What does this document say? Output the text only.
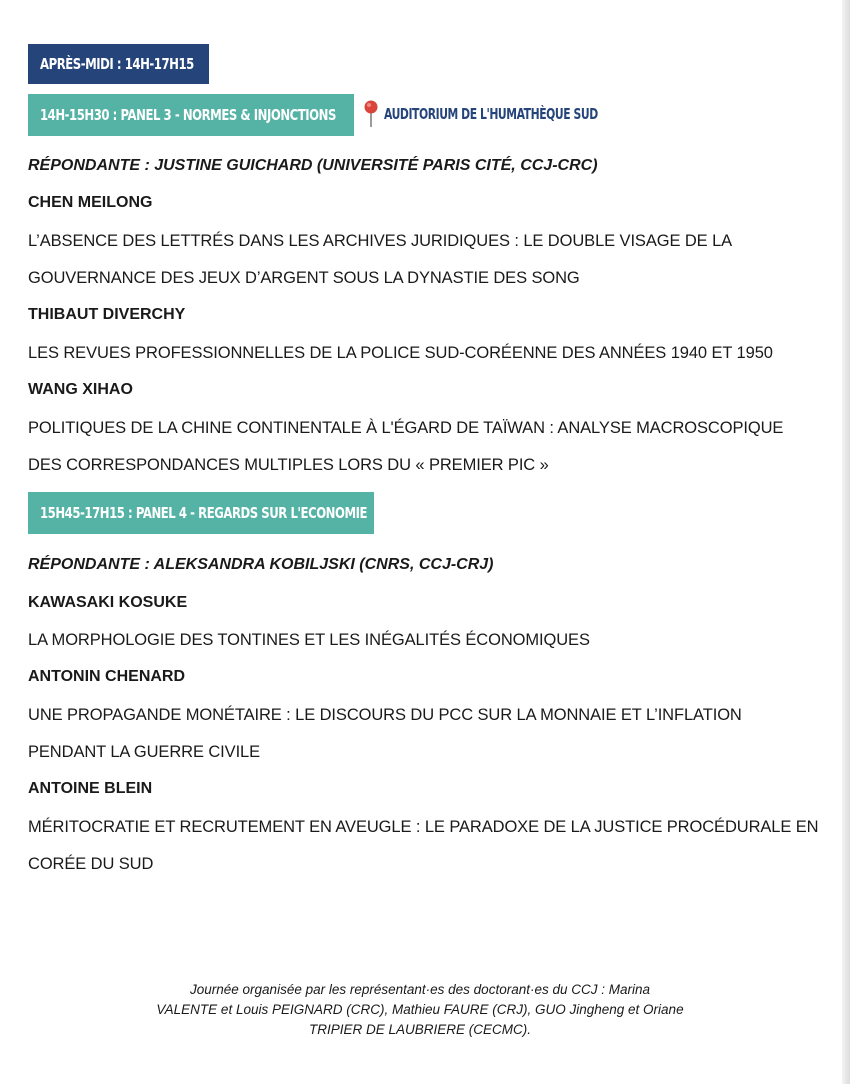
APRÈS-MIDI : 14H-17H15
14H-15H30 : PANEL 3 - NORMES & INJONCTIONS	AUDITORIUM DE L'HUMATHÈQUE SUD
RÉPONDANTE : JUSTINE GUICHARD (UNIVERSITÉ PARIS CITÉ, CCJ-CRC)
CHEN MEILONG
L’ABSENCE DES LETTRÉS DANS LES ARCHIVES JURIDIQUES : LE DOUBLE VISAGE DE LA
GOUVERNANCE DES JEUX D’ARGENT SOUS LA DYNASTIE DES SONG
THIBAUT DIVERCHY
LES REVUES PROFESSIONNELLES DE LA POLICE SUD-CORÉENNE DES ANNÉES 1940 ET 1950
WANG XIHAO
POLITIQUES DE LA CHINE CONTINENTALE À L'ÉGARD DE TAÏWAN : ANALYSE MACROSCOPIQUE
DES CORRESPONDANCES MULTIPLES LORS DU « PREMIER PIC »
15H45-17H15 : PANEL 4 - REGARDS SUR L'ECONOMIE
RÉPONDANTE : ALEKSANDRA KOBILJSKI (CNRS, CCJ-CRJ)
KAWASAKI KOSUKE
LA MORPHOLOGIE DES TONTINES ET LES INÉGALITÉS ÉCONOMIQUES
ANTONIN CHENARD
UNE PROPAGANDE MONÉTAIRE : LE DISCOURS DU PCC SUR LA MONNAIE ET L’INFLATION
PENDANT LA GUERRE CIVILE
ANTOINE BLEIN
MÉRITOCRATIE ET RECRUTEMENT EN AVEUGLE : LE PARADOXE DE LA JUSTICE PROCÉDURALE EN
CORÉE DU SUD
Journée organisée par les représentant·es des doctorant·es du CCJ : Marina
VALENTE et Louis PEIGNARD (CRC), Mathieu FAURE (CRJ), GUO Jingheng et Oriane
TRIPIER DE LAUBRIERE (CECMC).
